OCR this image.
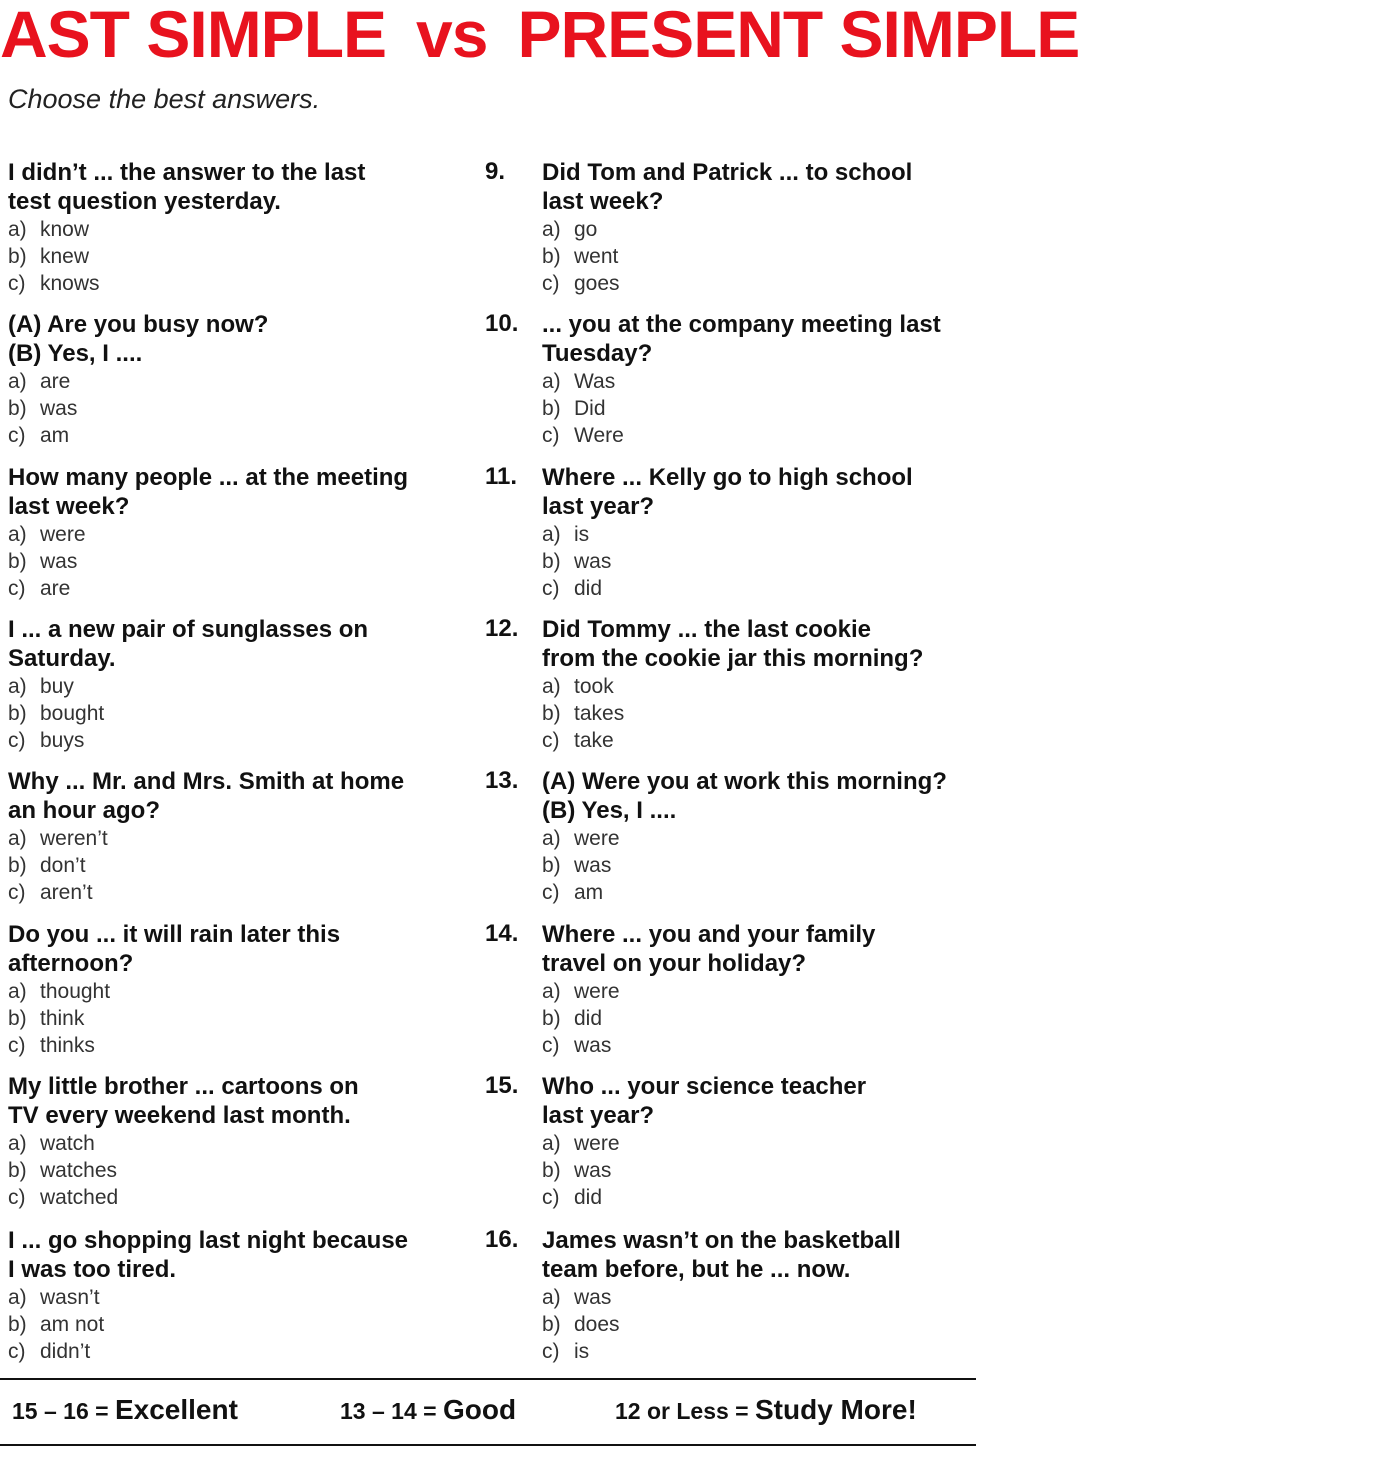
AST SIMPLE vs PRESENT SIMPLE
Choose the best answers.
I didn’t ... the answer to the last
test question yesterday.
a) know
b) knew
c) knows
(A) Are you busy now?
(B) Yes, I ....
a) are
b) was
c) am
How many people ... at the meeting
last week?
a) were
b) was
c) are
I ... a new pair of sunglasses on
Saturday.
a) buy
b) bought
c) buys
Why ... Mr. and Mrs. Smith at home
an hour ago?
a) weren’t
b) don’t
c) aren’t
Do you ... it will rain later this
afternoon?
a) thought
b) think
c) thinks
My little brother ... cartoons on
TV every weekend last month.
a) watch
b) watches
c) watched
I ... go shopping last night because
I was too tired.
a) wasn’t
b) am not
c) didn’t
9.	Did Tom and Patrick ... to school
last week?
a) go
b) went
c) goes
10. ... you at the company meeting last
Tuesday?
a) Was
b) Did
c) Were
11.	Where ... Kelly go to high school
last year?
a) is
b) was
c) did
12. Did Tommy ... the last cookie
from the cookie jar this morning?
a) took
b) takes
c) take
13. (A) Were you at work this morning?
(B) Yes, I ....
a) were
b) was
c) am
14. Where ... you and your family
travel on your holiday?
a) were
b) did
c) was
15. Who ... your science teacher
last year?
a) were
b) was
c) did
16. James wasn’t on the basketball
team before, but he ... now.
a) was
b) does
c) is
15 – 16 = Excellent	13 – 14 = Good	12 or Less = Study More!
